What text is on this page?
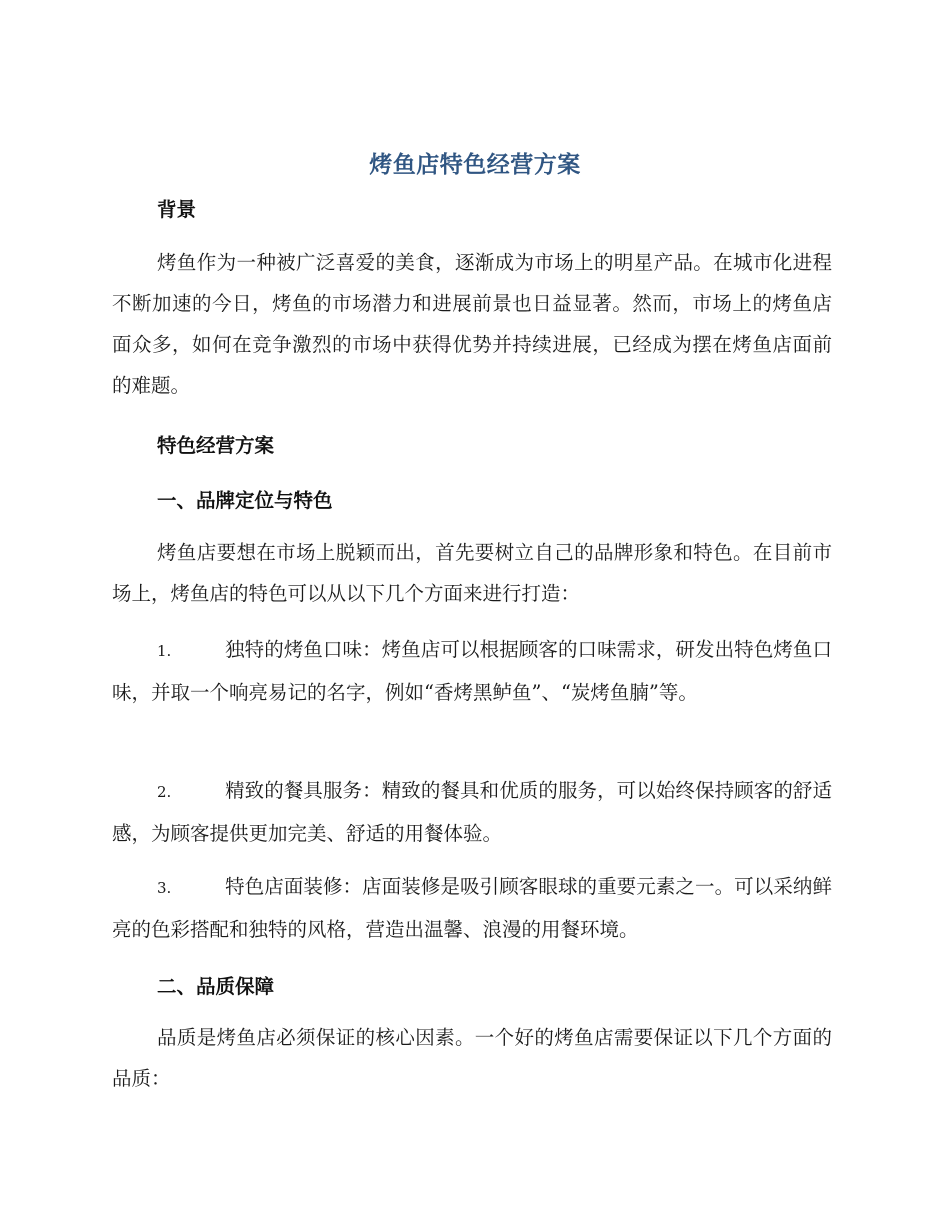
烤鱼店特色经营方案
背景
烤鱼作为一种被广泛喜爱的美食，逐渐成为市场上的明星产品。在城市化进程不断加速的今日，烤鱼的市场潜力和进展前景也日益显著。然而，市场上的烤鱼店面众多，如何在竞争激烈的市场中获得优势并持续进展，已经成为摆在烤鱼店面前的难题。
特色经营方案
一、品牌定位与特色
烤鱼店要想在市场上脱颖而出，首先要树立自己的品牌形象和特色。在目前市场上，烤鱼店的特色可以从以下几个方面来进行打造：
1.	独特的烤鱼口味：烤鱼店可以根据顾客的口味需求，研发出特色烤鱼口味，并取一个响亮易记的名字，例如“香烤黑鲈鱼”、“炭烤鱼腩”等。
2.	精致的餐具服务：精致的餐具和优质的服务，可以始终保持顾客的舒适感，为顾客提供更加完美、舒适的用餐体验。
3.	特色店面装修：店面装修是吸引顾客眼球的重要元素之一。可以采纳鲜亮的色彩搭配和独特的风格，营造出温馨、浪漫的用餐环境。
二、品质保障
品质是烤鱼店必须保证的核心因素。一个好的烤鱼店需要保证以下几个方面的品质：
